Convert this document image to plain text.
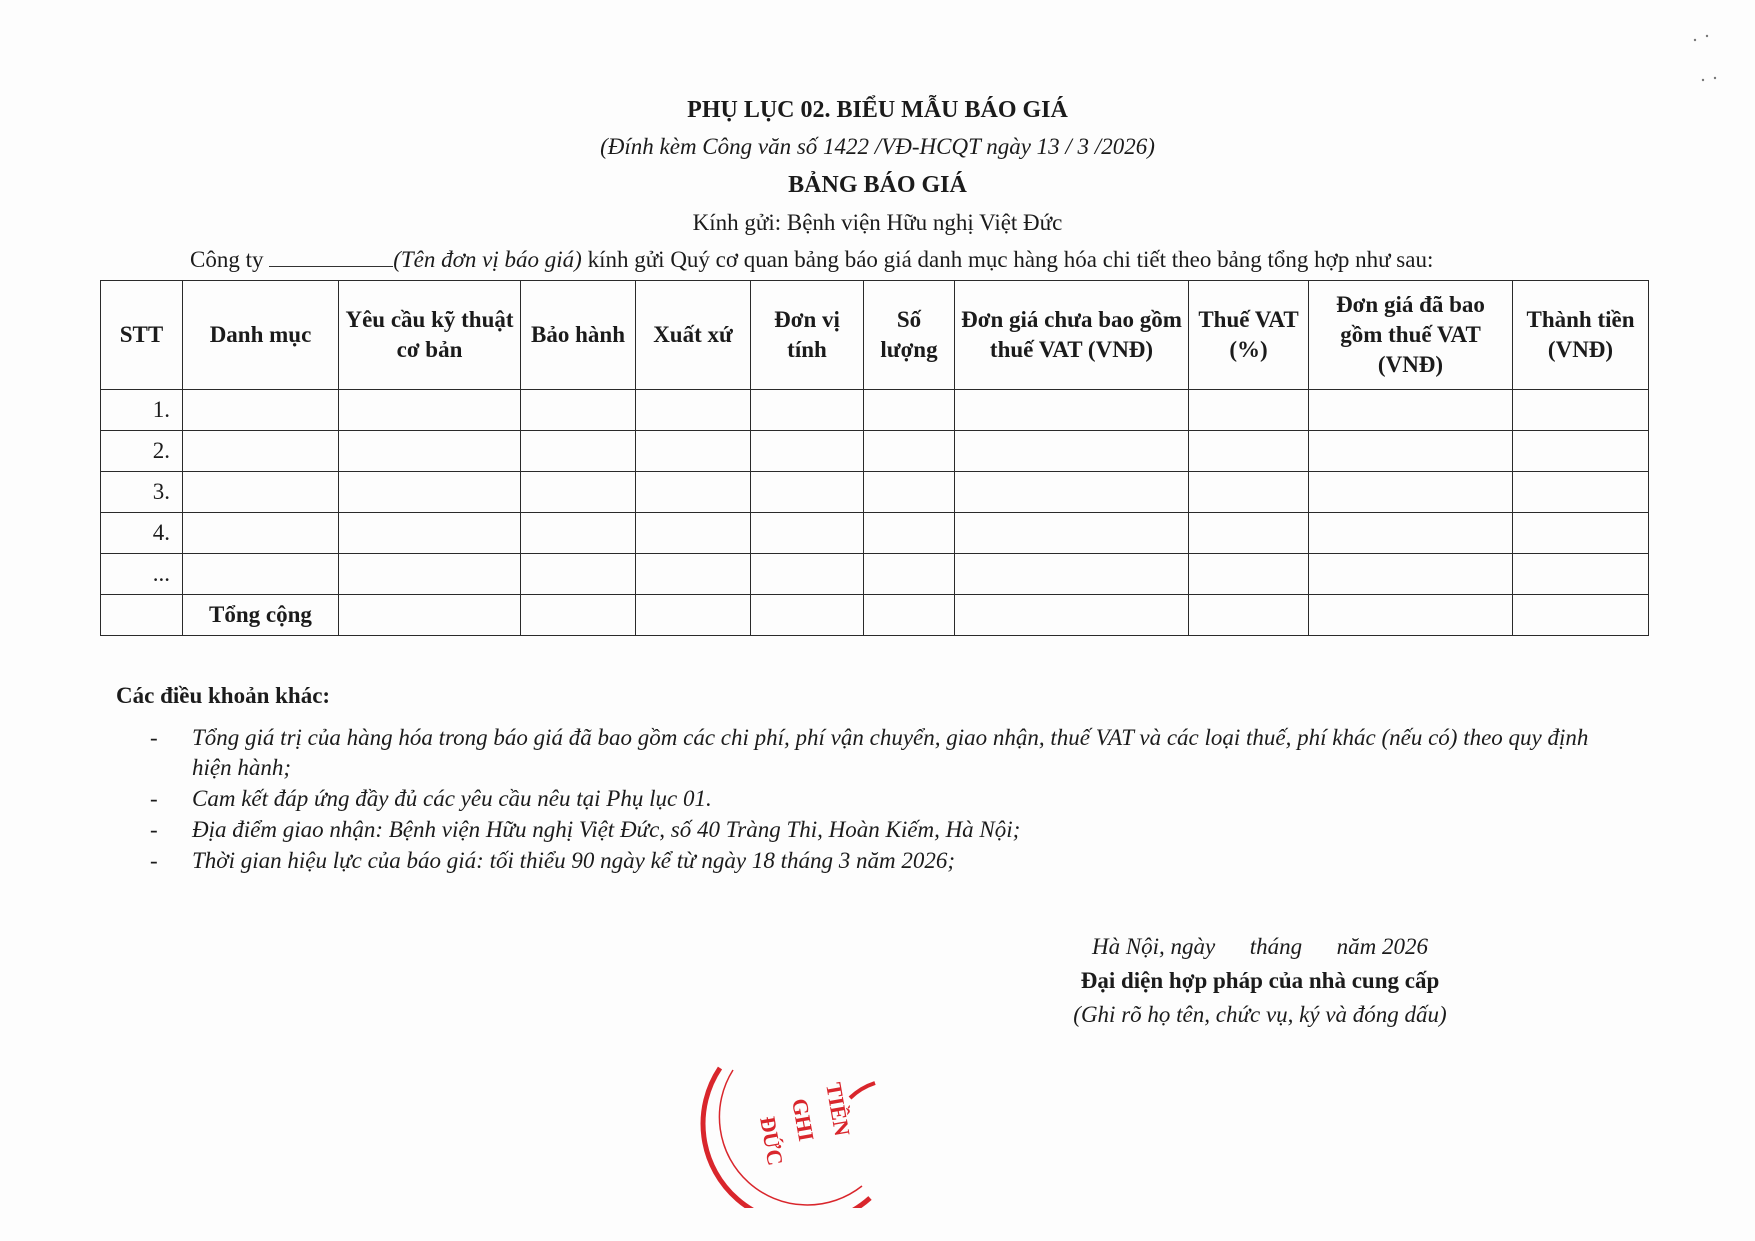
PHỤ LỤC 02. BIỂU MẪU BÁO GIÁ
(Đính kèm Công văn số 1422 /VĐ-HCQT ngày 13 / 3 /2026)
BẢNG BÁO GIÁ
Kính gửi: Bệnh viện Hữu nghị Việt Đức
Công ty	(Tên đơn vị báo giá) kính gửi Quý cơ quan bảng báo giá danh mục hàng hóa chi tiết theo bảng tổng hợp như sau:
STT	Danh mục	Yêu cầu kỹ thuật cơ bản	Bảo hành	Xuất xứ	Đơn vị tính	Số lượng	Đơn giá chưa bao gồm thuế VAT (VNĐ)	Thuế VAT (%)	Đơn giá đã bao gồm thuế VAT (VNĐ)	Thành tiền (VNĐ)
1.										
2.										
3.										
4.										
...										
	Tổng cộng									
Các điều khoản khác:
- Tổng giá trị của hàng hóa trong báo giá đã bao gồm các chi phí, phí vận chuyển, giao nhận, thuế VAT và các loại thuế, phí khác (nếu có) theo quy định hiện hành;
- Cam kết đáp ứng đầy đủ các yêu cầu nêu tại Phụ lục 01.
- Địa điểm giao nhận: Bệnh viện Hữu nghị Việt Đức, số 40 Tràng Thi, Hoàn Kiếm, Hà Nội;
- Thời gian hiệu lực của báo giá: tối thiểu 90 ngày kể từ ngày 18 tháng 3 năm 2026;
Hà Nội, ngày      tháng      năm 2026
Đại diện hợp pháp của nhà cung cấp
(Ghi rõ họ tên, chức vụ, ký và đóng dấu)
ĐỨC
GHI TIỀN
